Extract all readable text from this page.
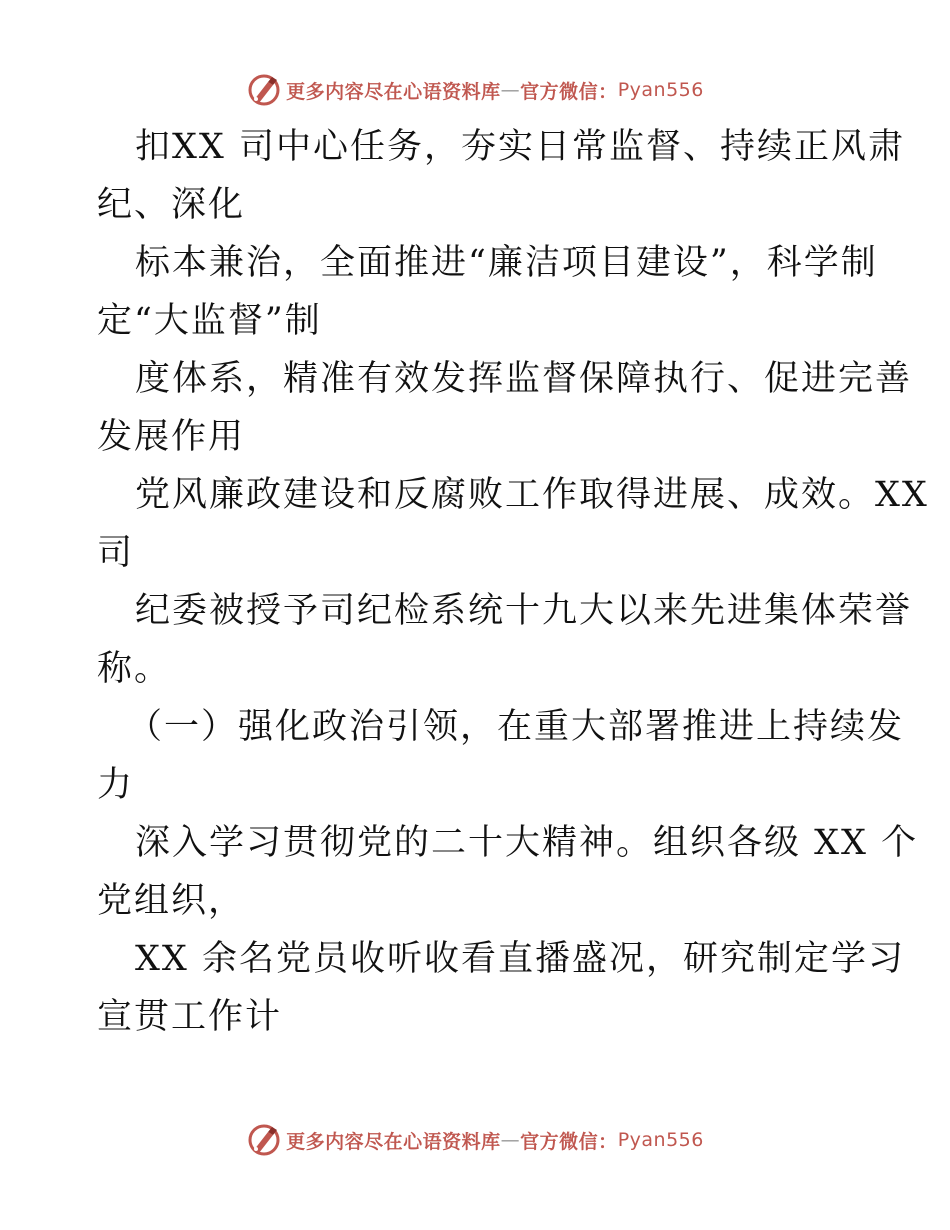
更多内容尽在心语资料库 — 官方微信： Pyan556
扣XX 司中心任务，夯实日常监督、持续正风肃
纪、深化
标本兼治，全面推进“廉洁项目建设”，科学制
定“大监督”制
度体系，精准有效发挥监督保障执行、促进完善
发展作用
党风廉政建设和反腐败工作取得进展、成效。XX
司
纪委被授予司纪检系统十九大以来先进集体荣誉
称。
（一）强化政治引领，在重大部署推进上持续发
力
深入学习贯彻党的二十大精神。组织各级 XX 个
党组织，
XX 余名党员收听收看直播盛况，研究制定学习
宣贯工作计
更多内容尽在心语资料库 — 官方微信： Pyan556
